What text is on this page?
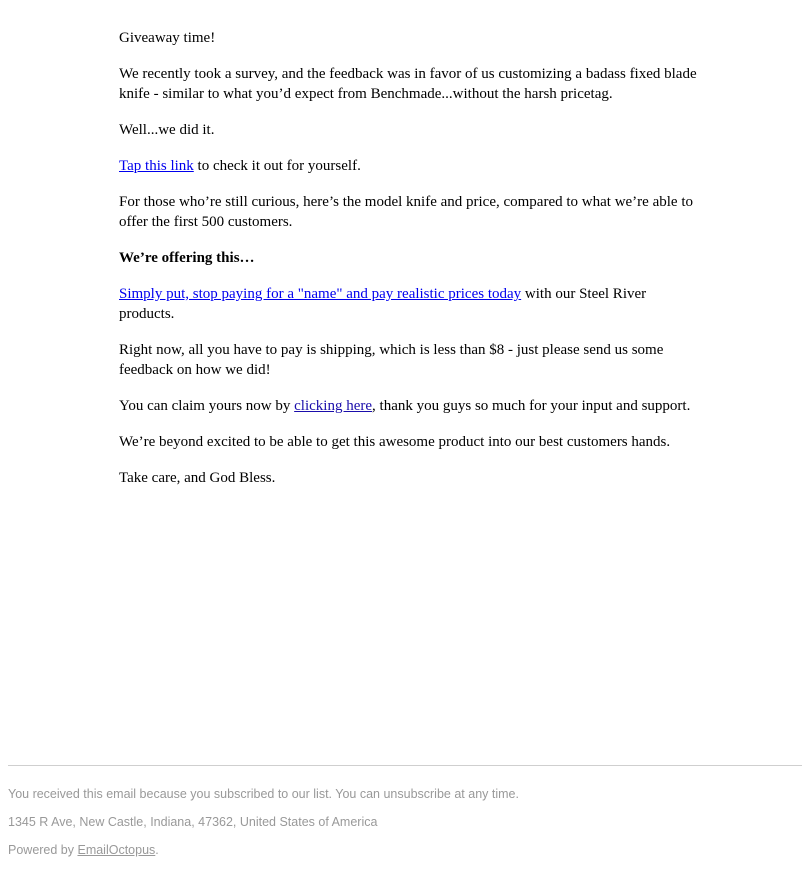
Giveaway time!

We recently took a survey, and the feedback was in favor of us customizing a badass fixed blade knife - similar to what you’d expect from Benchmade...without the harsh pricetag.

Well...we did it.

Tap this link to check it out for yourself.

For those who’re still curious, here’s the model knife and price, compared to what we’re able to offer the first 500 customers.

We’re offering this…

Simply put, stop paying for a "name" and pay realistic prices today with our Steel River products.

Right now, all you have to pay is shipping, which is less than $8 - just please send us some feedback on how we did!

You can claim yours now by clicking here, thank you guys so much for your input and support.

We’re beyond excited to be able to get this awesome product into our best customers hands.

Take care, and God Bless.

You received this email because you subscribed to our list. You can unsubscribe at any time.

1345 R Ave, New Castle, Indiana, 47362, United States of America

Powered by EmailOctopus.
